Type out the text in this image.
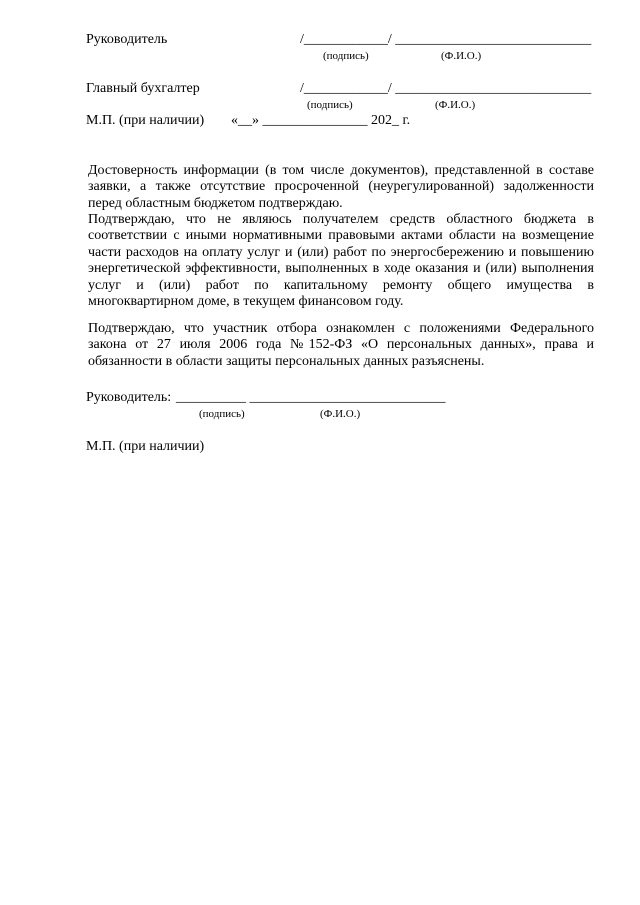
Руководитель	/____________/ ____________________________
(подпись)	(Ф.И.О.)
Главный бухгалтер	/____________/ ____________________________
(подпись)	(Ф.И.О.)
М.П. (при наличии) «__» _______________ 202_ г.
Достоверность информации (в том числе документов), представленной в составе заявки, а также отсутствие просроченной (неурегулированной) задолженности перед областным бюджетом подтверждаю.
Подтверждаю, что не являюсь получателем средств областного бюджета в соответствии с иными нормативными правовыми актами области на возмещение части расходов на оплату услуг и (или) работ по энергосбережению и повышению энергетической эффективности, выполненных в ходе оказания и (или) выполнения услуг и (или) работ по капитальному ремонту общего имущества в многоквартирном доме, в текущем финансовом году.
Подтверждаю, что участник отбора ознакомлен с положениями Федерального закона от 27 июля 2006 года №152-ФЗ «О персональных данных», права и обязанности в области защиты персональных данных разъяснены.
Руководитель: __________ ____________________________
(подпись)	(Ф.И.О.)
М.П. (при наличии)
